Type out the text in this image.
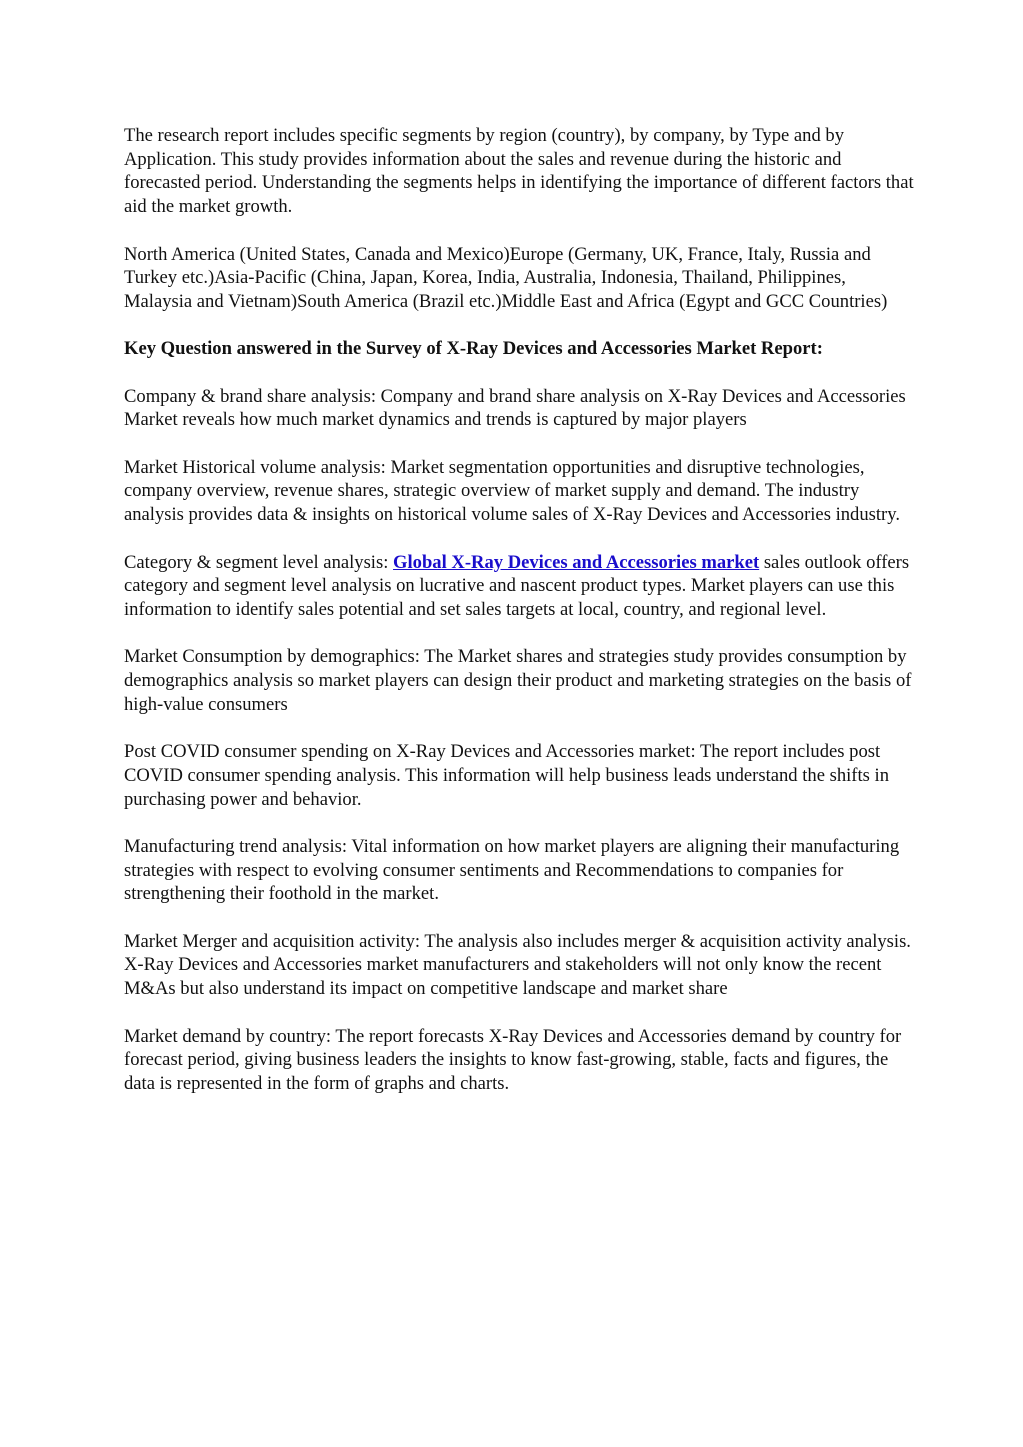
The research report includes specific segments by region (country), by company, by Type and by Application. This study provides information about the sales and revenue during the historic and forecasted period. Understanding the segments helps in identifying the importance of different factors that aid the market growth.

North America (United States, Canada and Mexico)Europe (Germany, UK, France, Italy, Russia and Turkey etc.)Asia-Pacific (China, Japan, Korea, India, Australia, Indonesia, Thailand, Philippines, Malaysia and Vietnam)South America (Brazil etc.)Middle East and Africa (Egypt and GCC Countries)

Key Question answered in the Survey of X-Ray Devices and Accessories Market Report:

Company & brand share analysis: Company and brand share analysis on X-Ray Devices and Accessories Market reveals how much market dynamics and trends is captured by major players

Market Historical volume analysis: Market segmentation opportunities and disruptive technologies, company overview, revenue shares, strategic overview of market supply and demand. The industry analysis provides data & insights on historical volume sales of X-Ray Devices and Accessories industry.

Category & segment level analysis: Global X-Ray Devices and Accessories market sales outlook offers category and segment level analysis on lucrative and nascent product types. Market players can use this information to identify sales potential and set sales targets at local, country, and regional level.

Market Consumption by demographics: The Market shares and strategies study provides consumption by demographics analysis so market players can design their product and marketing strategies on the basis of high-value consumers

Post COVID consumer spending on X-Ray Devices and Accessories market: The report includes post COVID consumer spending analysis. This information will help business leads understand the shifts in purchasing power and behavior.

Manufacturing trend analysis: Vital information on how market players are aligning their manufacturing strategies with respect to evolving consumer sentiments and Recommendations to companies for strengthening their foothold in the market.

Market Merger and acquisition activity: The analysis also includes merger & acquisition activity analysis. X-Ray Devices and Accessories market manufacturers and stakeholders will not only know the recent M&As but also understand its impact on competitive landscape and market share

Market demand by country: The report forecasts X-Ray Devices and Accessories demand by country for forecast period, giving business leaders the insights to know fast-growing, stable, facts and figures, the data is represented in the form of graphs and charts.
